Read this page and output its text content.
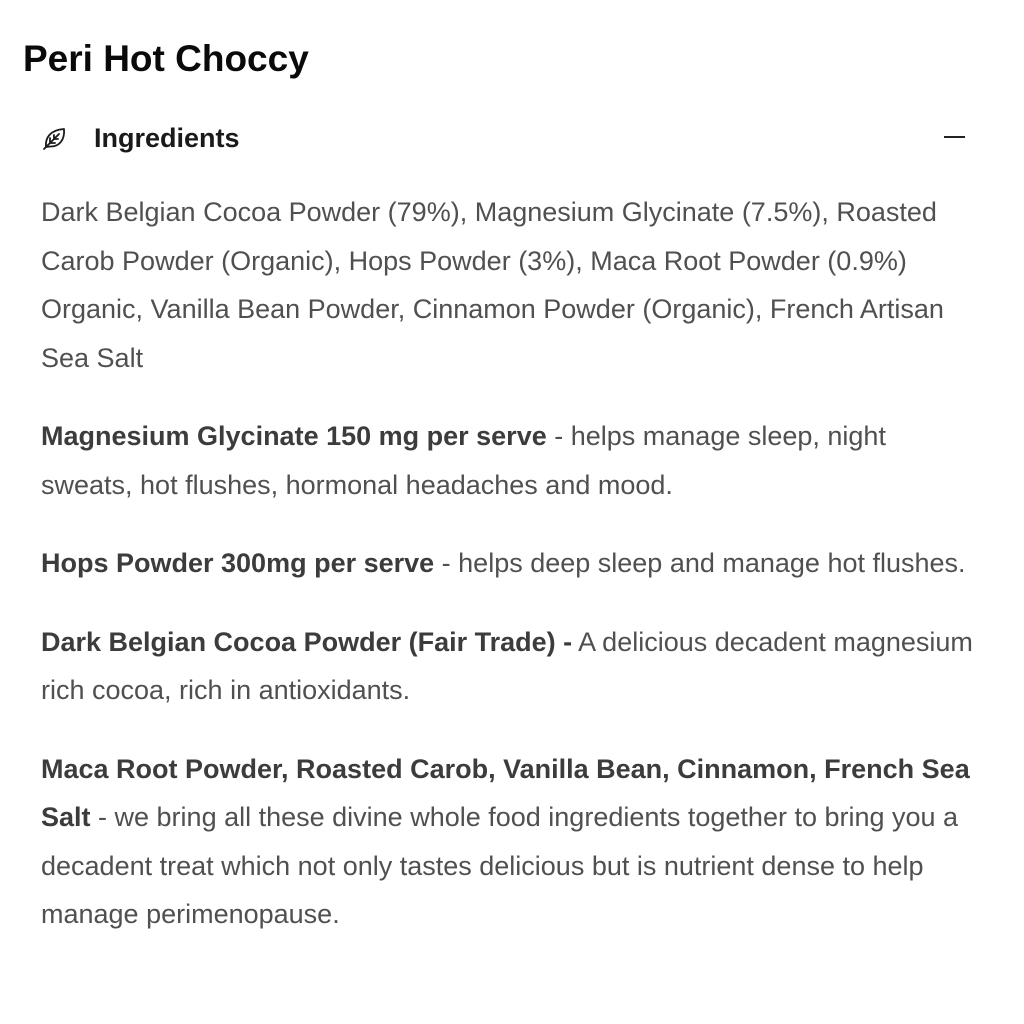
Peri Hot Choccy
Ingredients

Dark Belgian Cocoa Powder (79%), Magnesium Glycinate (7.5%), Roasted Carob Powder (Organic), Hops Powder (3%), Maca Root Powder (0.9%) Organic, Vanilla Bean Powder, Cinnamon Powder (Organic), French Artisan Sea Salt

Magnesium Glycinate 150 mg per serve - helps manage sleep, night sweats, hot flushes, hormonal headaches and mood.

Hops Powder 300mg per serve - helps deep sleep and manage hot flushes.

Dark Belgian Cocoa Powder (Fair Trade) - A delicious decadent magnesium rich cocoa, rich in antioxidants.

Maca Root Powder, Roasted Carob, Vanilla Bean, Cinnamon, French Sea Salt - we bring all these divine whole food ingredients together to bring you a decadent treat which not only tastes delicious but is nutrient dense to help manage perimenopause.
